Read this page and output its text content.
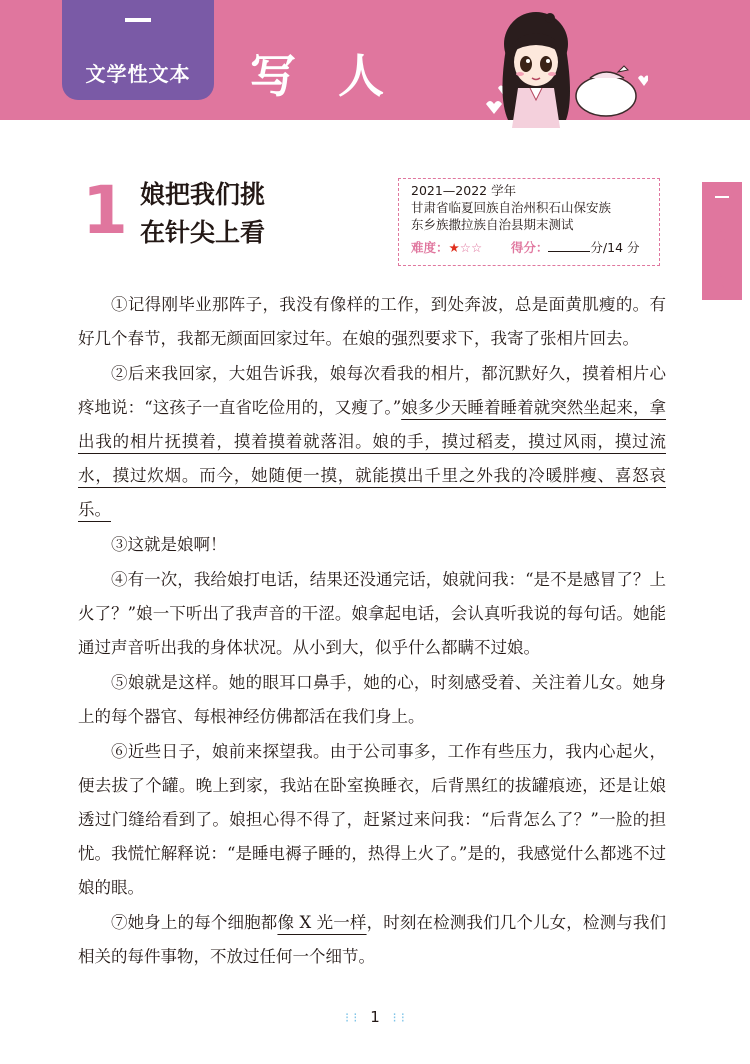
文学性文本	写人
1 娘把我们挑
在针尖上看
2021—2022 学年
甘肃省临夏回族自治州积石山保安族
东乡族撒拉族自治县期末测试
难度：★☆☆ 得分：	分/14 分
文
学
性
文
本

①记得刚毕业那阵子，我没有像样的工作，到处奔波，总是面黄肌瘦的。有好几个春节，我都无颜面回家过年。在娘的强烈要求下，我寄了张相片回去。

②后来我回家，大姐告诉我，娘每次看我的相片，都沉默好久，摸着相片心疼地说：“这孩子一直省吃俭用的，又瘦了。”娘多少天睡着睡着就突然坐起来，拿出我的相片抚摸着，摸着摸着就落泪。娘的手，摸过稻麦，摸过风雨，摸过流水，摸过炊烟。而今，她随便一摸，就能摸出千里之外我的冷暖胖瘦、喜怒哀乐。

③这就是娘啊！

④有一次，我给娘打电话，结果还没通完话，娘就问我：“是不是感冒了？上火了？”娘一下听出了我声音的干涩。娘拿起电话，会认真听我说的每句话。她能通过声音听出我的身体状况。从小到大，似乎什么都瞒不过娘。

⑤娘就是这样。她的眼耳口鼻手，她的心，时刻感受着、关注着儿女。她身上的每个器官、每根神经仿佛都活在我们身上。

⑥近些日子，娘前来探望我。由于公司事多，工作有些压力，我内心起火，便去拔了个罐。晚上到家，我站在卧室换睡衣，后背黑红的拔罐痕迹，还是让娘透过门缝给看到了。娘担心得不得了，赶紧过来问我：“后背怎么了？”一脸的担忧。我慌忙解释说：“是睡电褥子睡的，热得上火了。”是的，我感觉什么都逃不过娘的眼。

⑦她身上的每个细胞都像 X 光一样，时刻在检测我们几个儿女，检测与我们相关的每件事物，不放过任何一个细节。

⁝ ⁝ 1 ⁝ ⁝
